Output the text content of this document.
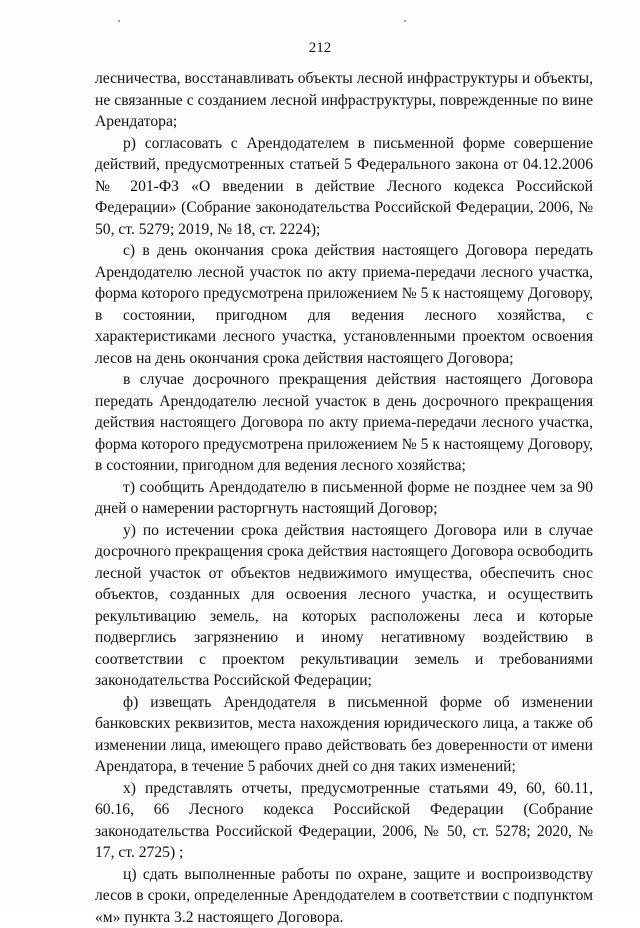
212

лесничества, восстанавливать объекты лесной инфраструктуры и объекты, не связанные с созданием лесной инфраструктуры, поврежденные по вине Арендатора;

р) согласовать с Арендодателем в письменной форме совершение действий, предусмотренных статьей 5 Федерального закона от 04.12.2006 № 201-ФЗ «О введении в действие Лесного кодекса Российской Федерации» (Собрание законодательства Российской Федерации, 2006, № 50, ст. 5279; 2019, № 18, ст. 2224);

с) в день окончания срока действия настоящего Договора передать Арендодателю лесной участок по акту приема-передачи лесного участка, форма которого предусмотрена приложением № 5 к настоящему Договору, в состоянии, пригодном для ведения лесного хозяйства, с характеристиками лесного участка, установленными проектом освоения лесов на день окончания срока действия настоящего Договора;

в случае досрочного прекращения действия настоящего Договора передать Арендодателю лесной участок в день досрочного прекращения действия настоящего Договора по акту приема-передачи лесного участка, форма которого предусмотрена приложением № 5 к настоящему Договору, в состоянии, пригодном для ведения лесного хозяйства;

т) сообщить Арендодателю в письменной форме не позднее чем за 90 дней о намерении расторгнуть настоящий Договор;

у) по истечении срока действия настоящего Договора или в случае досрочного прекращения срока действия настоящего Договора освободить лесной участок от объектов недвижимого имущества, обеспечить снос объектов, созданных для освоения лесного участка, и осуществить рекультивацию земель, на которых расположены леса и которые подверглись загрязнению и иному негативному воздействию в соответствии с проектом рекультивации земель и требованиями законодательства Российской Федерации;

ф) извещать Арендодателя в письменной форме об изменении банковских реквизитов, места нахождения юридического лица, а также об изменении лица, имеющего право действовать без доверенности от имени Арендатора, в течение 5 рабочих дней со дня таких изменений;

х) представлять отчеты, предусмотренные статьями 49, 60, 60.11, 60.16, 66 Лесного кодекса Российской Федерации (Собрание законодательства Российской Федерации, 2006, № 50, ст. 5278; 2020, № 17, ст. 2725) ;

ц) сдать выполненные работы по охране, защите и воспроизводству лесов в сроки, определенные Арендодателем в соответствии с подпунктом «м» пункта 3.2 настоящего Договора.
